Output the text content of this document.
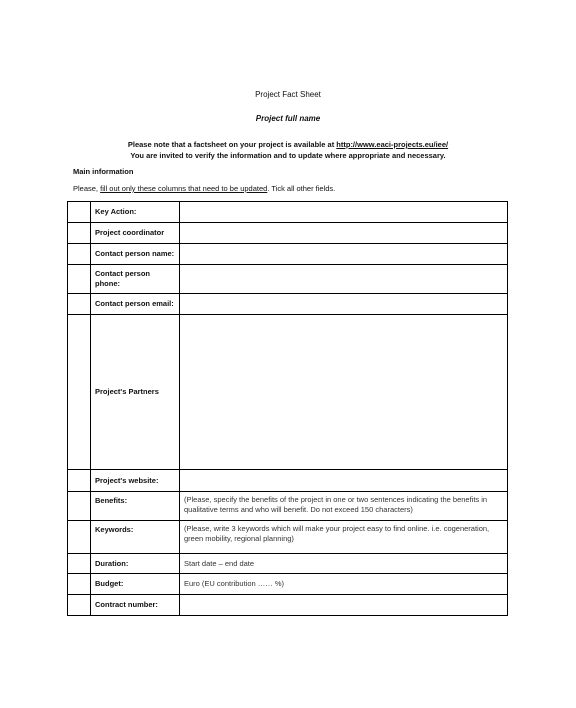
Project Fact Sheet
Project full name
Please note that a factsheet on your project is available at http://www.eaci-projects.eu/iee/
You are invited to verify the information and to update where appropriate and necessary.
Main information
Please, fill out only these columns that need to be updated. Tick all other fields.
	Key Action:	
	Project coordinator	
	Contact person name:	
	Contact person phone:	
	Contact person email:	
	Project's Partners	
	Project's website:	
	Benefits:	(Please, specify the benefits of the project in one or two sentences indicating the benefits in qualitative terms and who will benefit. Do not exceed 150 characters)
	Keywords:	(Please, write 3 keywords which will make your project easy to find online. i.e. cogeneration, green mobility, regional planning)
	Duration:	Start date – end date
	Budget:	Euro (EU contribution …… %)
	Contract number:	
